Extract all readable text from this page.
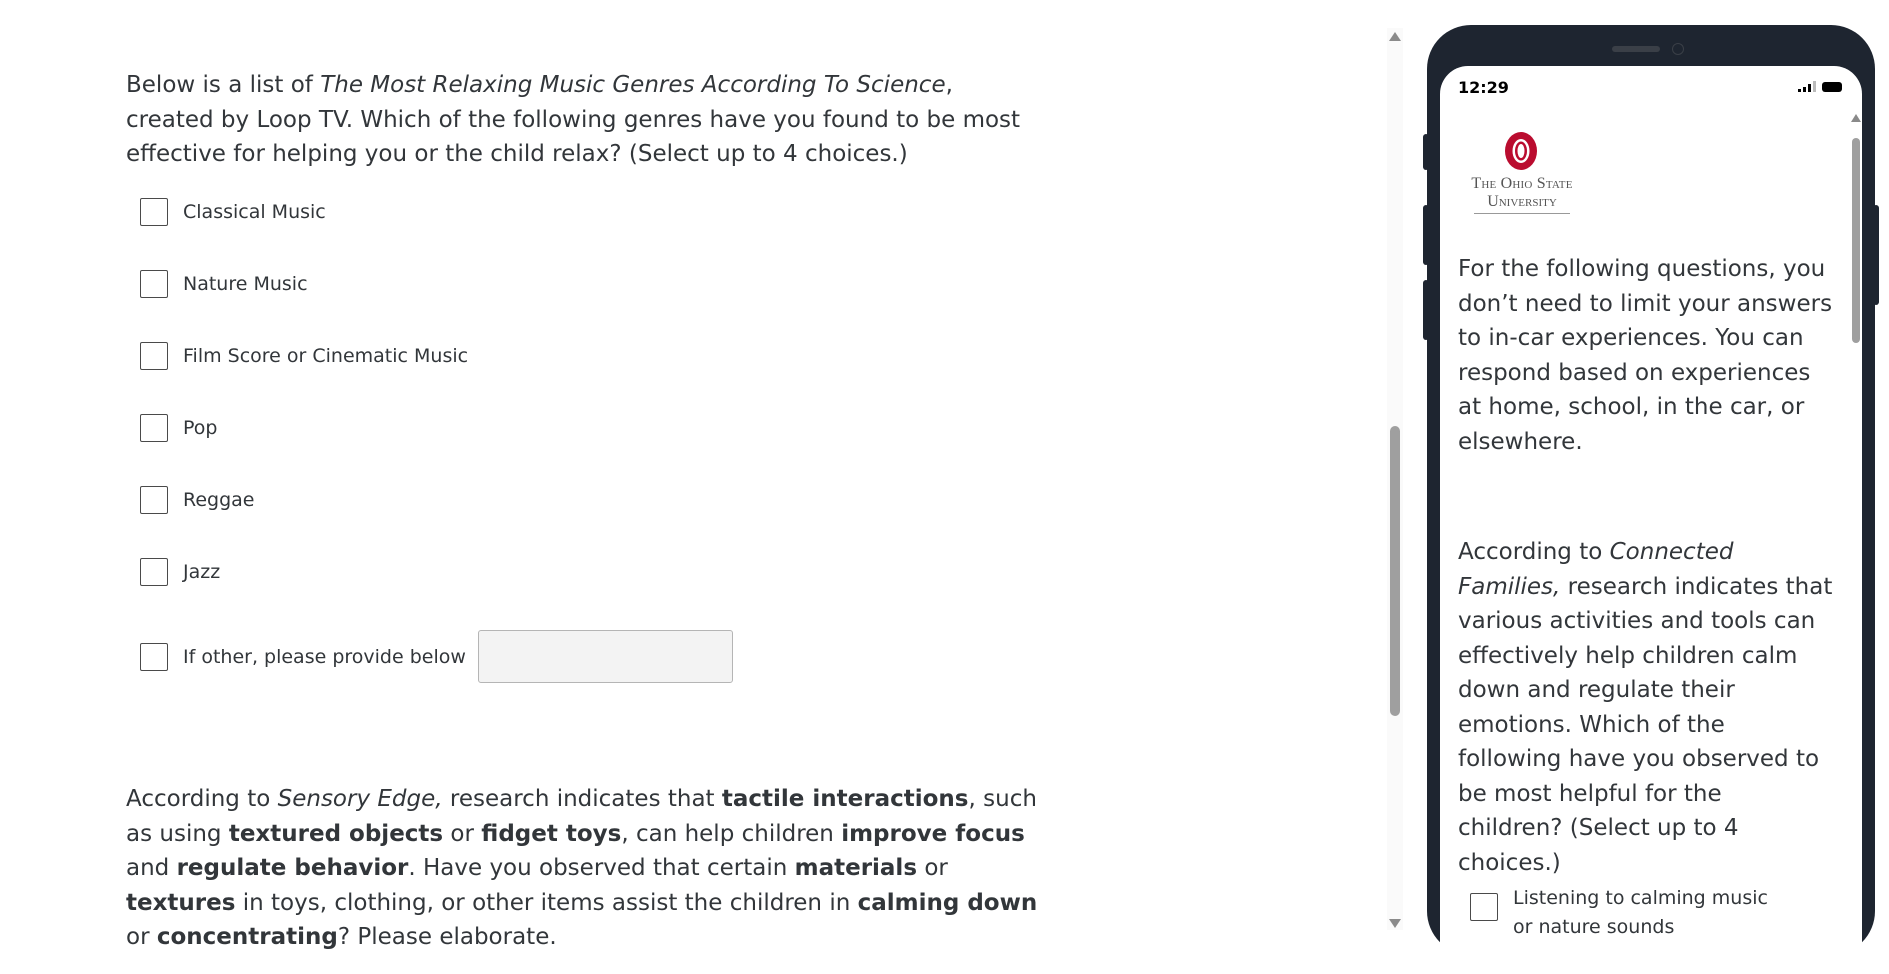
Below is a list of The Most Relaxing Music Genres According To Science, created by Loop TV. Which of the following genres have you found to be most effective for helping you or the child relax? (Select up to 4 choices.)
Classical Music
Nature Music
Film Score or Cinematic Music
Pop
Reggae
Jazz
If other, please provide below
According to Sensory Edge, research indicates that tactile interactions, such as using textured objects or fidget toys, can help children improve focus and regulate behavior. Have you observed that certain materials or textures in toys, clothing, or other items assist the children in calming down or concentrating? Please elaborate.
12:29
The Ohio State
University
For the following questions, you don’t need to limit your answers to in-car experiences. You can respond based on experiences at home, school, in the car, or elsewhere.
According to Connected Families, research indicates that various activities and tools can effectively help children calm down and regulate their emotions. Which of the following have you observed to be most helpful for the children? (Select up to 4 choices.)
Listening to calming music or nature sounds
